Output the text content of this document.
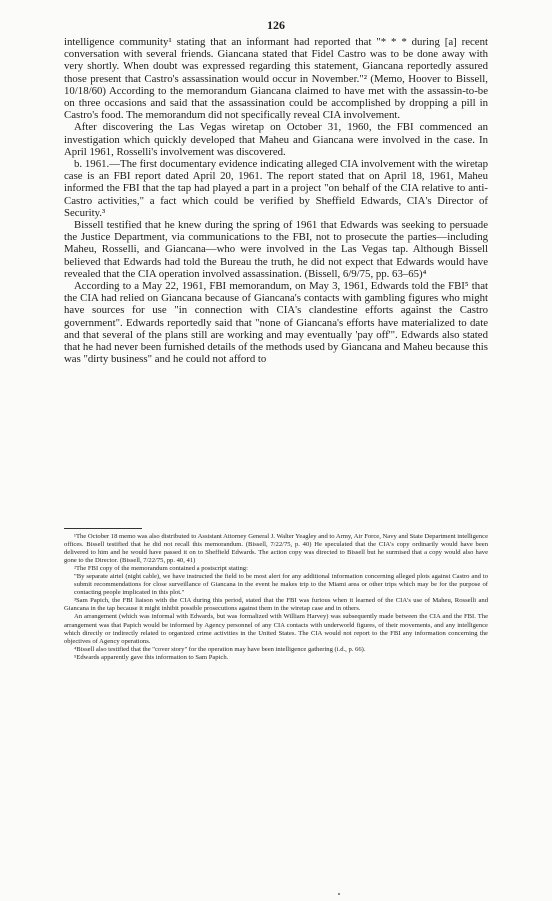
126

intelligence community¹ stating that an informant had reported that "* * * during [a] recent conversation with several friends. Giancana stated that Fidel Castro was to be done away with very shortly. When doubt was expressed regarding this statement, Giancana reportedly assured those present that Castro's assassination would occur in November."² (Memo, Hoover to Bissell, 10/18/60) According to the memorandum Giancana claimed to have met with the assassin-to-be on three occasions and said that the assassination could be accomplished by dropping a pill in Castro's food. The memorandum did not specifically reveal CIA involvement.

After discovering the Las Vegas wiretap on October 31, 1960, the FBI commenced an investigation which quickly developed that Maheu and Giancana were involved in the case. In April 1961, Rosselli's involvement was discovered.

b. 1961.—The first documentary evidence indicating alleged CIA involvement with the wiretap case is an FBI report dated April 20, 1961. The report stated that on April 18, 1961, Maheu informed the FBI that the tap had played a part in a project "on behalf of the CIA relative to anti-Castro activities," a fact which could be verified by Sheffield Edwards, CIA's Director of Security.³

Bissell testified that he knew during the spring of 1961 that Edwards was seeking to persuade the Justice Department, via communications to the FBI, not to prosecute the parties—including Maheu, Rosselli, and Giancana—who were involved in the Las Vegas tap. Although Bissell believed that Edwards had told the Bureau the truth, he did not expect that Edwards would have revealed that the CIA operation involved assassination. (Bissell, 6/9/75, pp. 63–65)⁴

According to a May 22, 1961, FBI memorandum, on May 3, 1961, Edwards told the FBI⁵ that the CIA had relied on Giancana because of Giancana's contacts with gambling figures who might have sources for use "in connection with CIA's clandestine efforts against the Castro government". Edwards reportedly said that "none of Giancana's efforts have materialized to date and that several of the plans still are working and may eventually 'pay off'". Edwards also stated that he had never been furnished details of the methods used by Giancana and Maheu because this was "dirty business" and he could not afford to

¹The October 18 memo was also distributed to Assistant Attorney General J. Walter Yeagley and to Army, Air Force, Navy and State Department intelligence offices. Bissell testified that he did not recall this memorandum. (Bissell, 7/22/75, p. 40) He speculated that the CIA's copy ordinarily would have been delivered to him and he would have passed it on to Sheffield Edwards. The action copy was directed to Bissell but he surmised that a copy would also have gone to the Director. (Bissell, 7/22/75, pp. 40, 41)

²The FBI copy of the memorandum contained a postscript stating:

"By separate airtel (night cable), we have instructed the field to be most alert for any additional information concerning alleged plots against Castro and to submit recommendations for close surveillance of Giancana in the event he makes trip to the Miami area or other trips which may be for the purpose of contacting people implicated in this plot."

³Sam Papich, the FBI liaison with the CIA during this period, stated that the FBI was furious when it learned of the CIA's use of Maheu, Rosselli and Giancana in the tap because it might inhibit possible prosecutions against them in the wiretap case and in others.

An arrangement (which was informal with Edwards, but was formalized with William Harvey) was subsequently made between the CIA and the FBI. The arrangement was that Papich would be informed by Agency personnel of any CIA contacts with underworld figures, of their movements, and any intelligence which directly or indirectly related to organized crime activities in the United States. The CIA would not report to the FBI any information concerning the objectives of Agency operations.

⁴Bissell also testified that the "cover story" for the operation may have been intelligence gathering (i.d., p. 66).

⁵Edwards apparently gave this information to Sam Papich.
